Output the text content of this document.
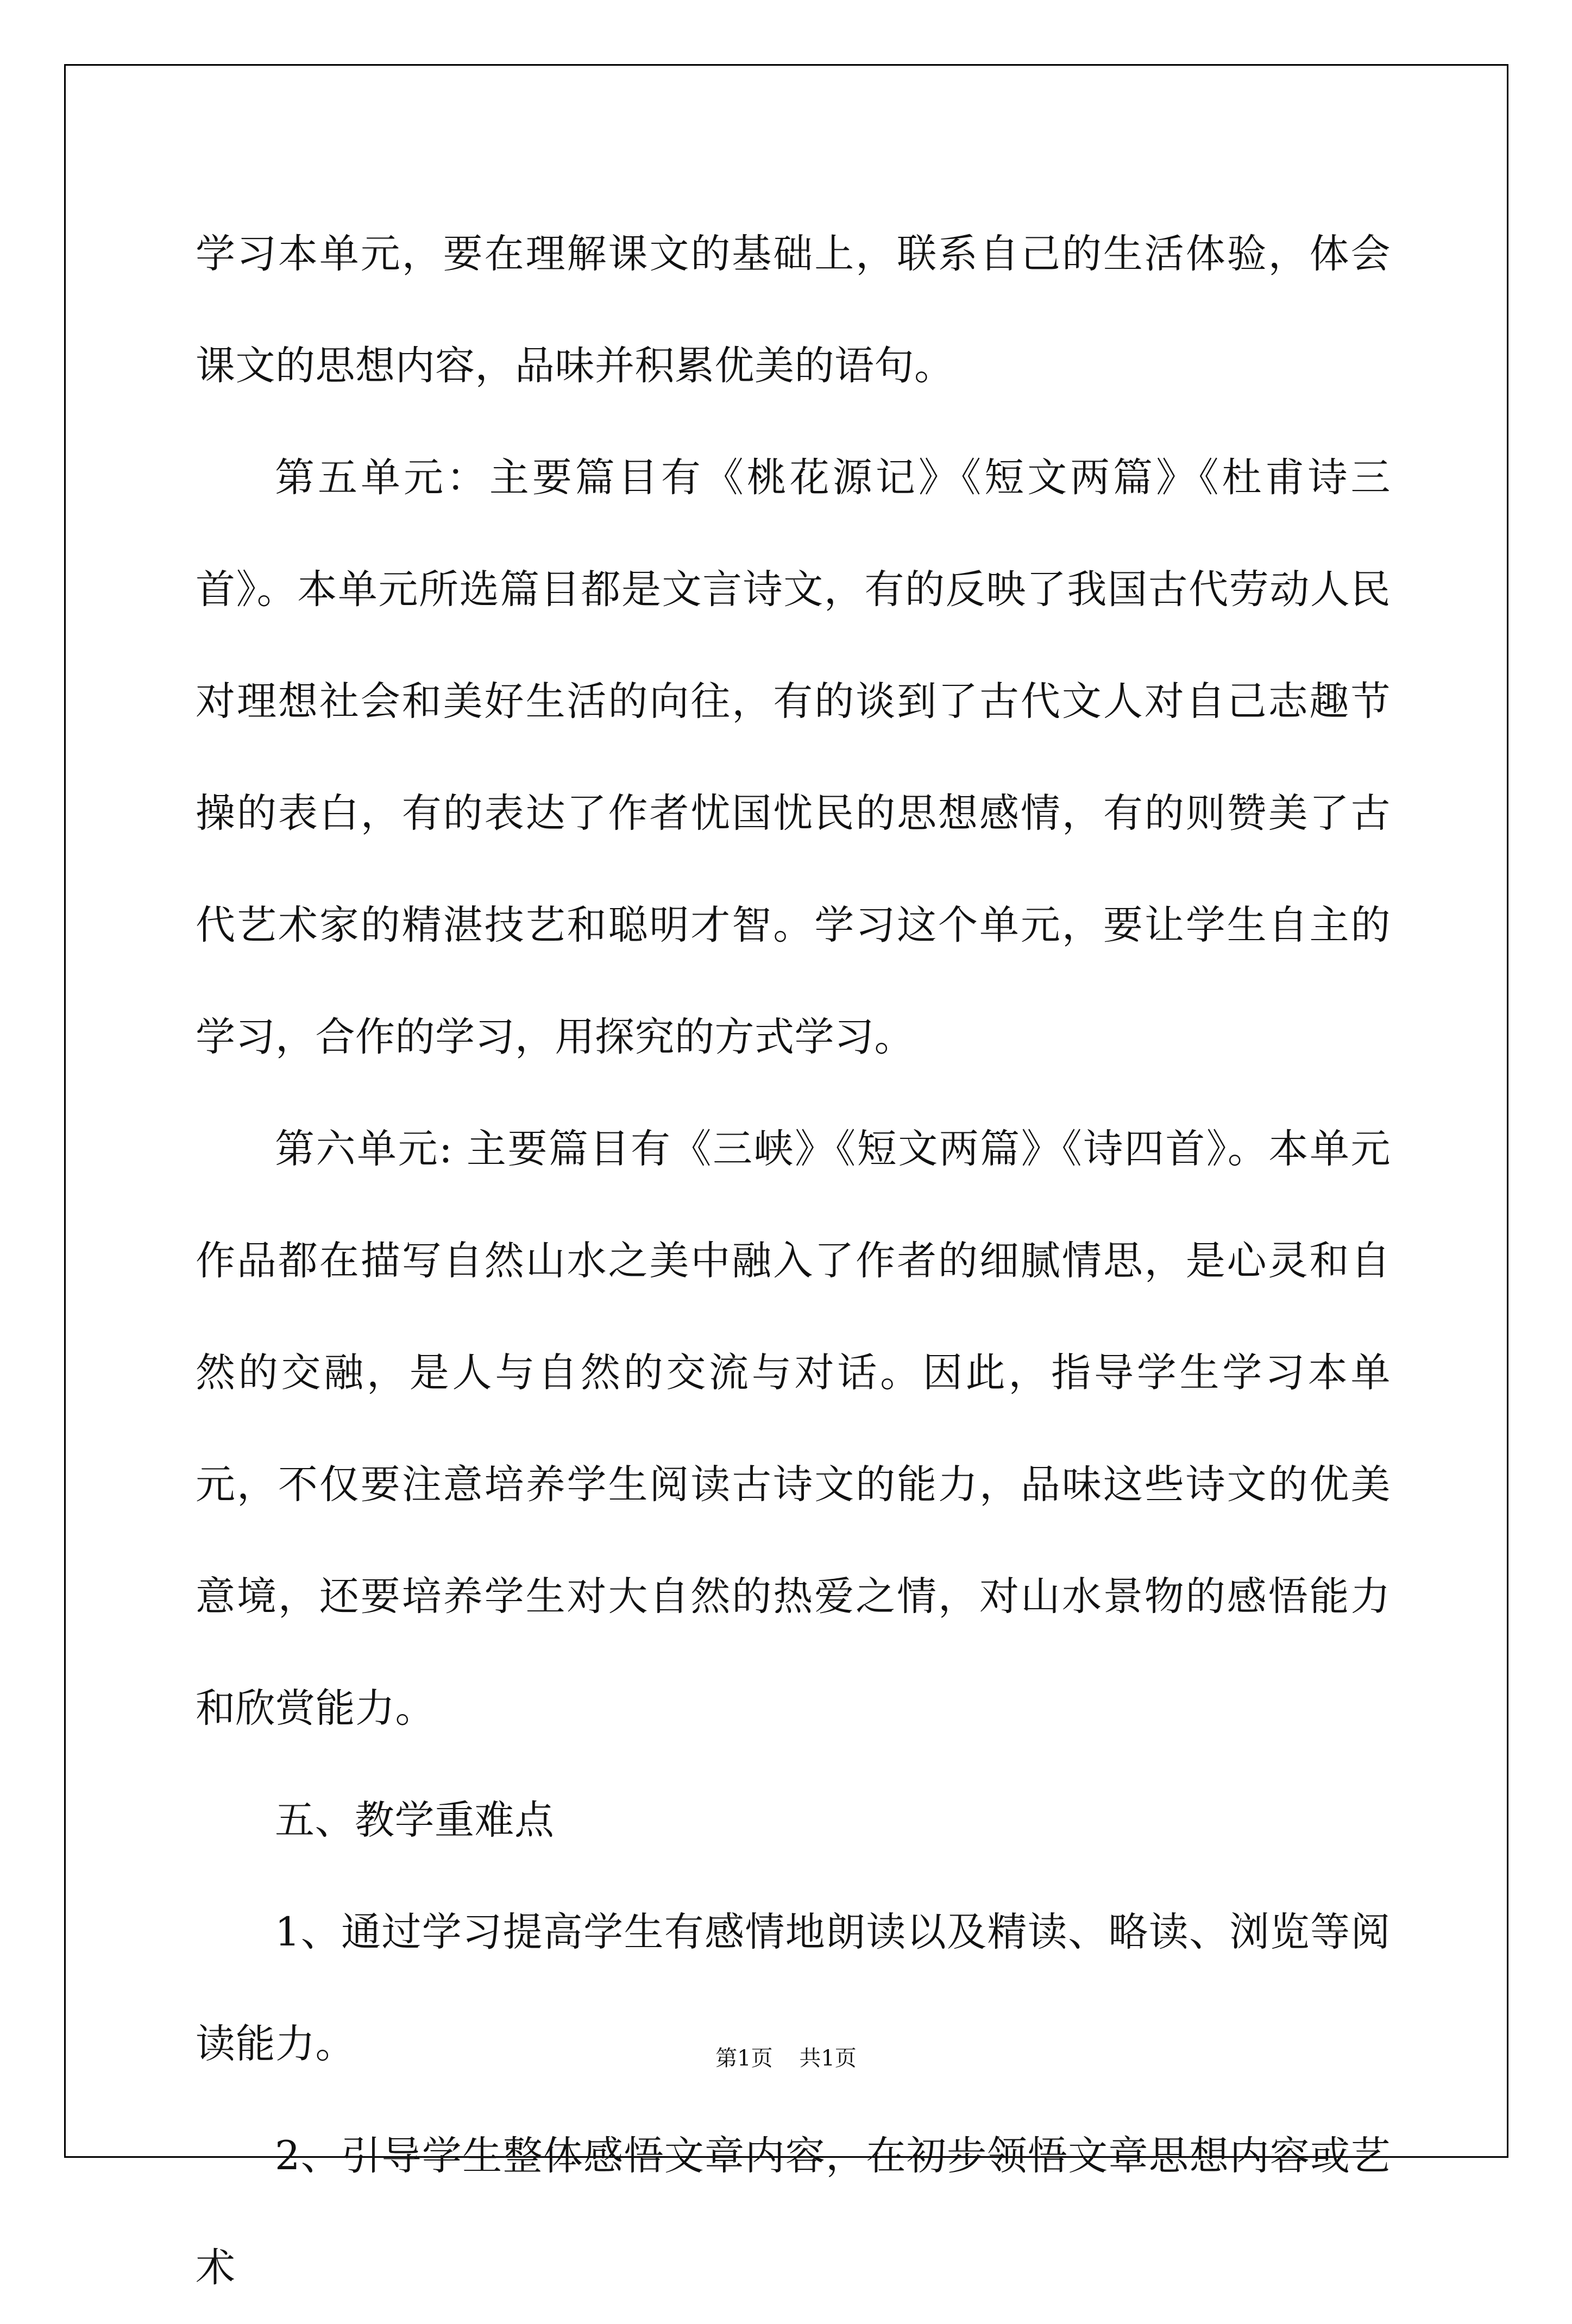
学习本单元，要在理解课文的基础上，联系自己的生活体验，体会课文的思想内容，品味并积累优美的语句。

第五单元：主要篇目有《桃花源记》《短文两篇》《杜甫诗三首》。本单元所选篇目都是文言诗文，有的反映了我国古代劳动人民对理想社会和美好生活的向往，有的谈到了古代文人对自己志趣节操的表白，有的表达了作者忧国忧民的思想感情，有的则赞美了古代艺术家的精湛技艺和聪明才智。学习这个单元，要让学生自主的学习，合作的学习，用探究的方式学习。

第六单元: 主要篇目有《三峡》《短文两篇》《诗四首》。本单元作品都在描写自然山水之美中融入了作者的细腻情思，是心灵和自然的交融，是人与自然的交流与对话。因此，指导学生学习本单元，不仅要注意培养学生阅读古诗文的能力，品味这些诗文的优美意境，还要培养学生对大自然的热爱之情，对山水景物的感悟能力和欣赏能力。

五、教学重难点

1、通过学习提高学生有感情地朗读以及精读、略读、浏览等阅读能力。

2、引导学生整体感悟文章内容，在初步领悟文章思想内容或艺术

第1页 共1页
